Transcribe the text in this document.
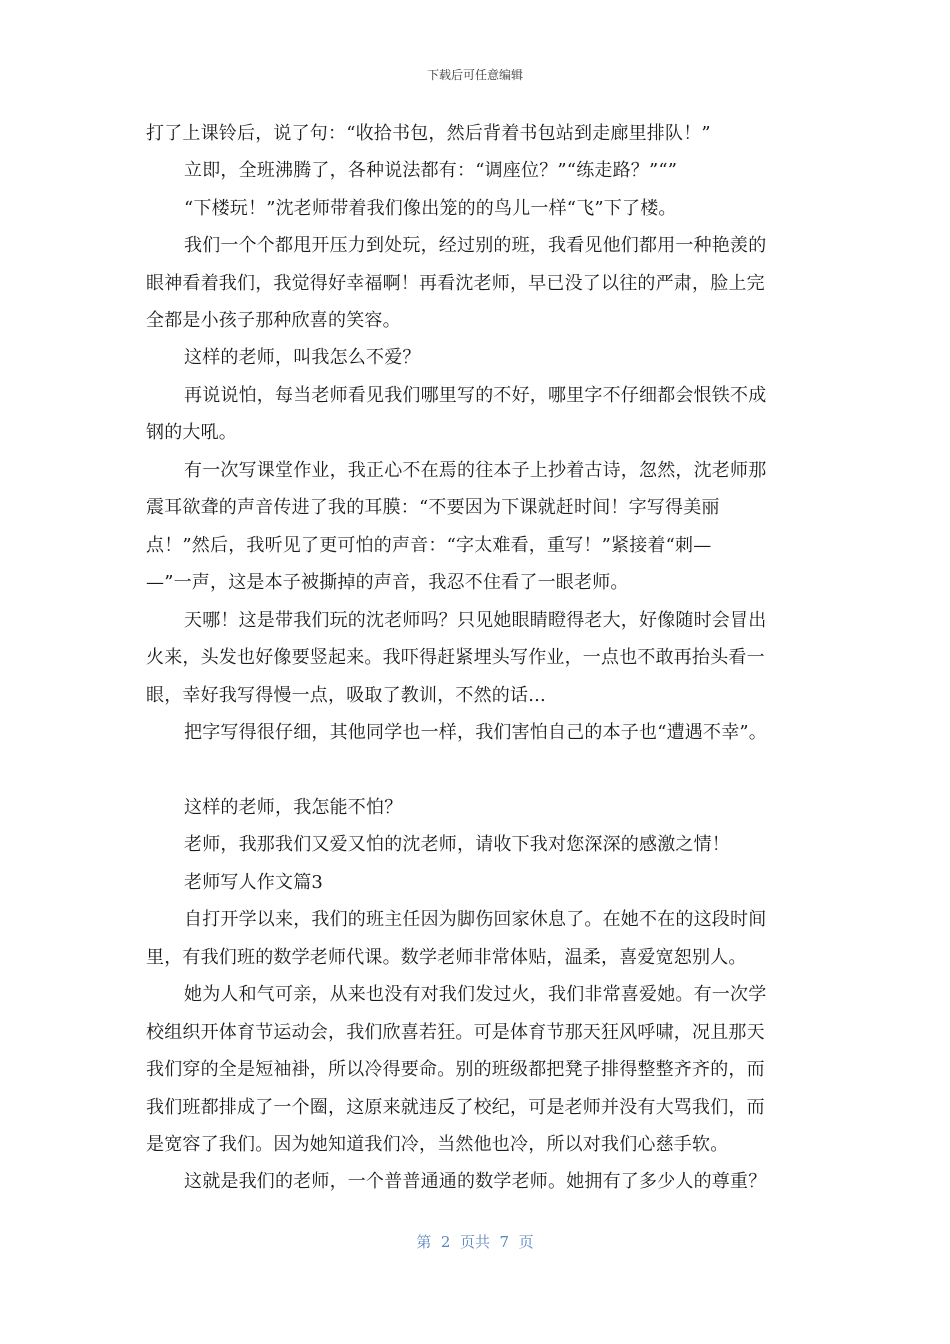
下载后可任意编辑
打了上课铃后，说了句：“收拾书包，然后背着书包站到走廊里排队！”
立即，全班沸腾了，各种说法都有：“调座位？”“练走路？”“”
“下楼玩！”沈老师带着我们像出笼的的鸟儿一样“飞”下了楼。
我们一个个都甩开压力到处玩，经过别的班，我看见他们都用一种艳羡的
眼神看着我们，我觉得好幸福啊！再看沈老师，早已没了以往的严肃，脸上完
全都是小孩子那种欣喜的笑容。
这样的老师，叫我怎么不爱？
再说说怕，每当老师看见我们哪里写的不好，哪里字不仔细都会恨铁不成
钢的大吼。
有一次写课堂作业，我正心不在焉的往本子上抄着古诗，忽然，沈老师那
震耳欲聋的声音传进了我的耳膜：“不要因为下课就赶时间！字写得美丽
点！”然后，我听见了更可怕的声音：“字太难看，重写！”紧接着“刺—
—”一声，这是本子被撕掉的声音，我忍不住看了一眼老师。
天哪！这是带我们玩的沈老师吗？只见她眼睛瞪得老大，好像随时会冒出
火来，头发也好像要竖起来。我吓得赶紧埋头写作业，一点也不敢再抬头看一
眼，幸好我写得慢一点，吸取了教训，不然的话...
把字写得很仔细，其他同学也一样，我们害怕自己的本子也“遭遇不幸”。
这样的老师，我怎能不怕？
老师，我那我们又爱又怕的沈老师，请收下我对您深深的感激之情！
老师写人作文篇3
自打开学以来，我们的班主任因为脚伤回家休息了。在她不在的这段时间
里，有我们班的数学老师代课。数学老师非常体贴，温柔，喜爱宽恕别人。
她为人和气可亲，从来也没有对我们发过火，我们非常喜爱她。有一次学
校组织开体育节运动会，我们欣喜若狂。可是体育节那天狂风呼啸，况且那天
我们穿的全是短袖褂，所以冷得要命。别的班级都把凳子排得整整齐齐的，而
我们班都排成了一个圈，这原来就违反了校纪，可是老师并没有大骂我们，而
是宽容了我们。因为她知道我们冷，当然他也冷，所以对我们心慈手软。
这就是我们的老师，一个普普通通的数学老师。她拥有了多少人的尊重？
第  2  页共  7  页
